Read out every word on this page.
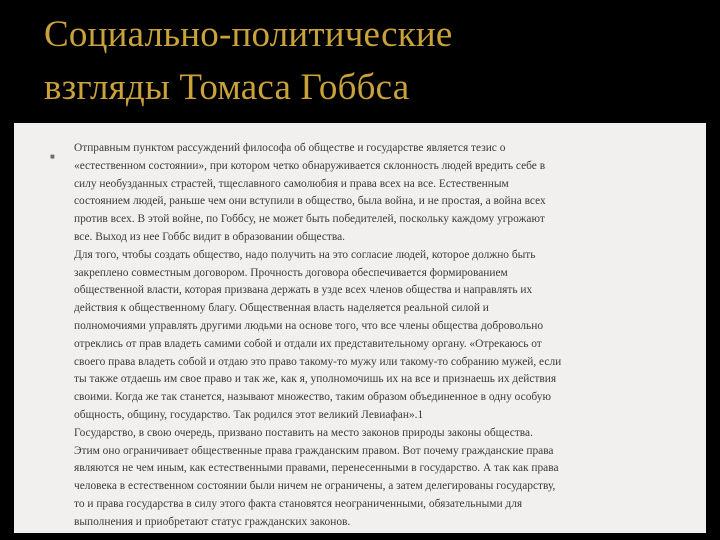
Социально-политические
взгляды Томаса Гоббса
■

Отправным пунктом рассуждений философа об обществе и государстве является тезис о
«естественном состоянии», при котором четко обнаруживается склонность людей вредить себе в
силу необузданных страстей, тщеславного самолюбия и права всех на все. Естественным
состоянием людей, раньше чем они вступили в общество, была война, и не простая, а война всех
против всех. В этой войне, по Гоббсу, не может быть победителей, поскольку каждому угрожают
все. Выход из нее Гоббс видит в образовании общества.
Для того, чтобы создать общество, надо получить на это согласие людей, которое должно быть
закреплено совместным договором. Прочность договора обеспечивается формированием
общественной власти, которая призвана держать в узде всех членов общества и направлять их
действия к общественному благу. Общественная власть наделяется реальной силой и
полномочиями управлять другими людьми на основе того, что все члены общества добровольно
отреклись от прав владеть самими собой и отдали их представительному органу. «Отрекаюсь от
своего права владеть собой и отдаю это право такому-то мужу или такому-то собранию мужей, если
ты также отдаешь им свое право и так же, как я, уполномочишь их на все и признаешь их действия
своими. Когда же так станется, называют множество, таким образом объединенное в одну особую
общность, общину, государство. Так родился этот великий Левиафан».1
Государство, в свою очередь, призвано поставить на место законов природы законы общества.
Этим оно ограничивает общественные права гражданским правом. Вот почему гражданские права
являются не чем иным, как естественными правами, перенесенными в государство. А так как права
человека в естественном состоянии были ничем не ограничены, а затем делегированы государству,
то и права государства в силу этого факта становятся неограниченными, обязательными для
выполнения и приобретают статус гражданских законов.
